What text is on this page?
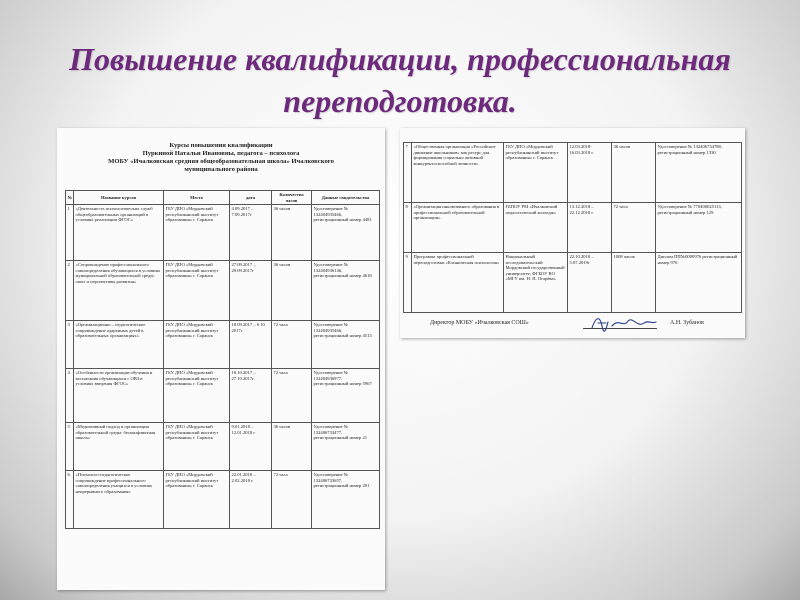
Повышение квалификации, профессиональная переподготовка.
Курсы повышения квалификации
Пуркиной Натальи Ивановны, педагога – психолога
МОБУ «Ичалковская средняя общеобразовательная школа» Ичалковского
муниципального района
№	Название курсов	Место	дата	Количество часов	Данные свидетельства
1	«Деятельность психологических служб общеобразовательных организаций в условиях реализации ФГОС»	ГБУ ДПО «Мордовский республиканский институт образования» г. Саранск	4.09.2017 – 7.09.2017г	36 часов	Удостоверение № 132404935466, регистрационный номер 4481
2	«Сопровождение профессионального самоопределения обучающихся в условиях муниципальной образовательной среды: опыт и перспективы развития»	ГБУ ДПО «Мордовский республиканский институт образования» г. Саранск	27.09.2017 – 29.09.2017г	36 часов	Удостоверение № 132404936146, регистрационный номер 4618
3	«Организационно – педагогическое сопровождение одаренных детей в образовательных организациях»	ГБУ ДПО «Мордовский республиканский институт образования» г. Саранск	18.09.2017 – 6 10. 2017г	72 часа	Удостоверение № 132404935466, регистрационный номер 4513
4	«Особенности организации обучения и воспитания обучающихся с ОВЗ в условиях введения ФГОС»	ГБУ ДПО «Мордовский республиканский институт образования» г. Саранск	16.10.2017 – 27.10.2017г.	72 часа	Удостоверение № 132404936977, регистрационный номер 5967
5	«Медиативный подход в организации образовательной среды: бесконфликтная школа»	ГБУ ДПО «Мордовский республиканский институт образования» г. Саранск	9.01.2018 – 12.01.2018 г	36 часов	Удостоверение № 132406733477, регистрационный номер 21
6	«Психолого-педагогическое сопровождение профессионального самоопределения учащихся в условиях непрерывного образования»	ГБУ ДПО «Мордовский республиканский институт образования» г. Саранск	22.01.2018 – 2.02.2018 г.	72 часа	Удостоверение № 132406733657, регистрационный номер 201
7	«Общественная организация «Российское движение школьников» как ресурс для формирования социально активной конкурентоспособной личности»	ГБУ ДПО «Мордовский республиканский институт образования» г. Саранск	12.03.2018-16.03.2018 г.	36 часов	Удостоверение № 132406734788, регистрационный номер 1330
8	«Организация инклюзивного образования в профессиональной образовательной организации».	ГБПОУ РМ «Ичалковский педагогический колледж»	13.12.2018 – 22.12.2018 г.	72 часа	Удостоверение № 770400025113, регистрационный номер 129
9	Программа профессиональной переподготовки «Клиническая психология»	Национальный исследовательский Мордовский государственный университет; ФГБОУ ВО «МГУ им. Н. П. Огарёва»	22.10.2018 – 5.07.2019г	1008 часов	Диплом ПП№0000976 регистрационный номер 976
Директор МОБУ «Ичалковская СОШ»	А.Н. Зубанов
